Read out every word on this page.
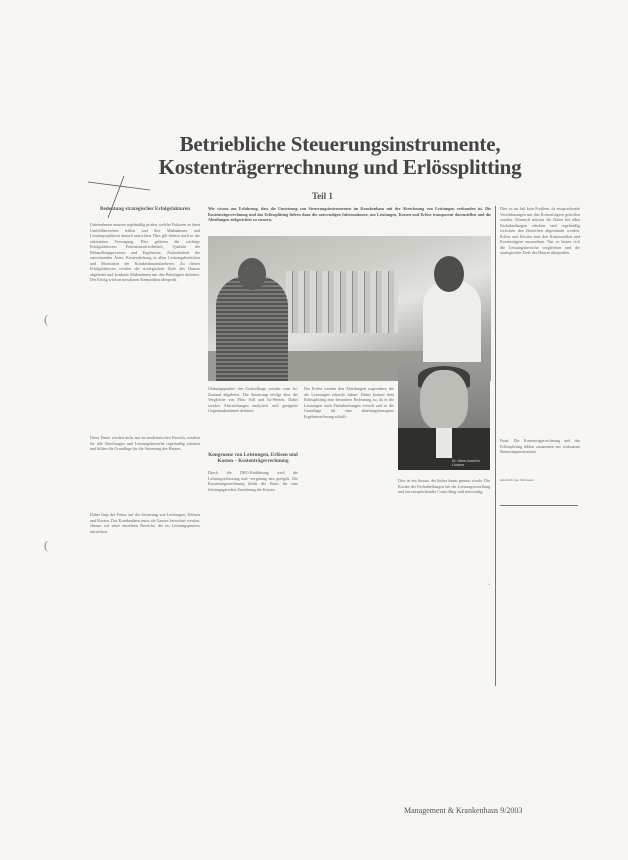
Betriebliche Steuerungsinstrumente,
Kostenträgerrechnung und Erlössplitting
Teil 1
Bedeutung strategischer Erfolgsfaktoren

Unternehmen müssen regelmäßig prüfen, welche Faktoren in ihren Umfeldbereichen fehlen und ihre Maßnahmen und Leistungsspektren danach ausrichten. Dies gilt ebenso auch in der stationären Versorgung. Hier gehören die wichtige Erfolgsfaktoren: Patientenzufriedenheit, Qualität der Behandlungsprozesse und Ergebnisse, Zufriedenheit der einweisenden Ärzte, Kostendeckung in allen Leistungsbereichen und Motivation der Krankenhausmitarbeiter. Zu diesen Erfolgsfaktoren werden die strategischen Ziele des Hauses abgeleitet und konkrete Maßnahmen mit den Beteiligten definiert. Der Erfolg wird an messbaren Kennzahlen überprüft.

Diese Daten werden nicht nur im medizinischen Bereich, sondern für alle Abteilungen und Leistungsbereiche regelmäßig erhoben und bilden die Grundlage für die Steuerung des Hauses.

Daher liegt der Fokus auf der Steuerung von Leistungen, Erlösen und Kosten. Das Krankenhaus muss als Ganzes betrachtet werden, ebenso wie seine einzelnen Bereiche, die im Leistungsprozess mitwirken.

Wir wissen aus Erfahrung, dass die Umsetzung von Steuerungsinstrumenten im Krankenhaus mit der Abrechnung von Leistungen verbunden ist. Die Kostenträgerrechnung und das Erlössplitting liefern dazu die notwendigen Informationen, um Leistungen, Kosten und Erlöse transparent darzustellen und die Abteilungen zielgerichtet zu steuern.

Ordnungspunkte des Controllings werden vom Ist-Zustand abgeleitet. Die Steuerung erfolgt über die Vergleiche von Plan, Soll und Ist-Werten. Dabei werden Abweichungen analysiert und geeignete Gegenmaßnahmen definiert.

Kongruenz von Leistungen, Erlösen und Kosten – Kostenträgerrechnung

Durch die DRG-Einführung wird die Leistungserfassung und -vergütung neu geregelt. Die Kostenträgerrechnung bildet die Basis für eine leistungsgerechte Zuordnung der Kosten.

Die Erlöse werden den Abteilungen zugeordnet, die die Leistungen erbracht haben. Dabei kommt dem Erlössplitting eine besondere Bedeutung zu, da es die Leistungen nach Fachabteilungen verteilt und so die Grundlage für eine abteilungsbezogene Ergebnisrechnung schafft.

Dr. Hans-Joachim Löckner

Dies ist ein Ansatz, der bisher kaum genutzt wurde. Die Kosten der Fachabteilungen bei der Leistungserstellung und ein entsprechendes Controlling sind notwendig.

»

Dies ist im Juli kein Problem, da entsprechende Vereinbarungen mit den Kostenträgern getroffen wurden. Dennoch müssen die Daten bei allen Fachabteilungen erhoben und regelmäßig zwischen den Bereichen abgestimmt werden. Erlöse und Kosten sind den Kostenstellen und Kostenträgern zuzuordnen. Nur so lassen sich die Leistungsbereiche vergleichen und die strategischen Ziele des Hauses überprüfen.

Fazit: Die Kostenträgerrechnung und das Erlössplitting bilden zusammen ein wirksames Steuerungsinstrument.

Anschrift des Verfassers
(
(
Management & Krankenhaus 9/2003
